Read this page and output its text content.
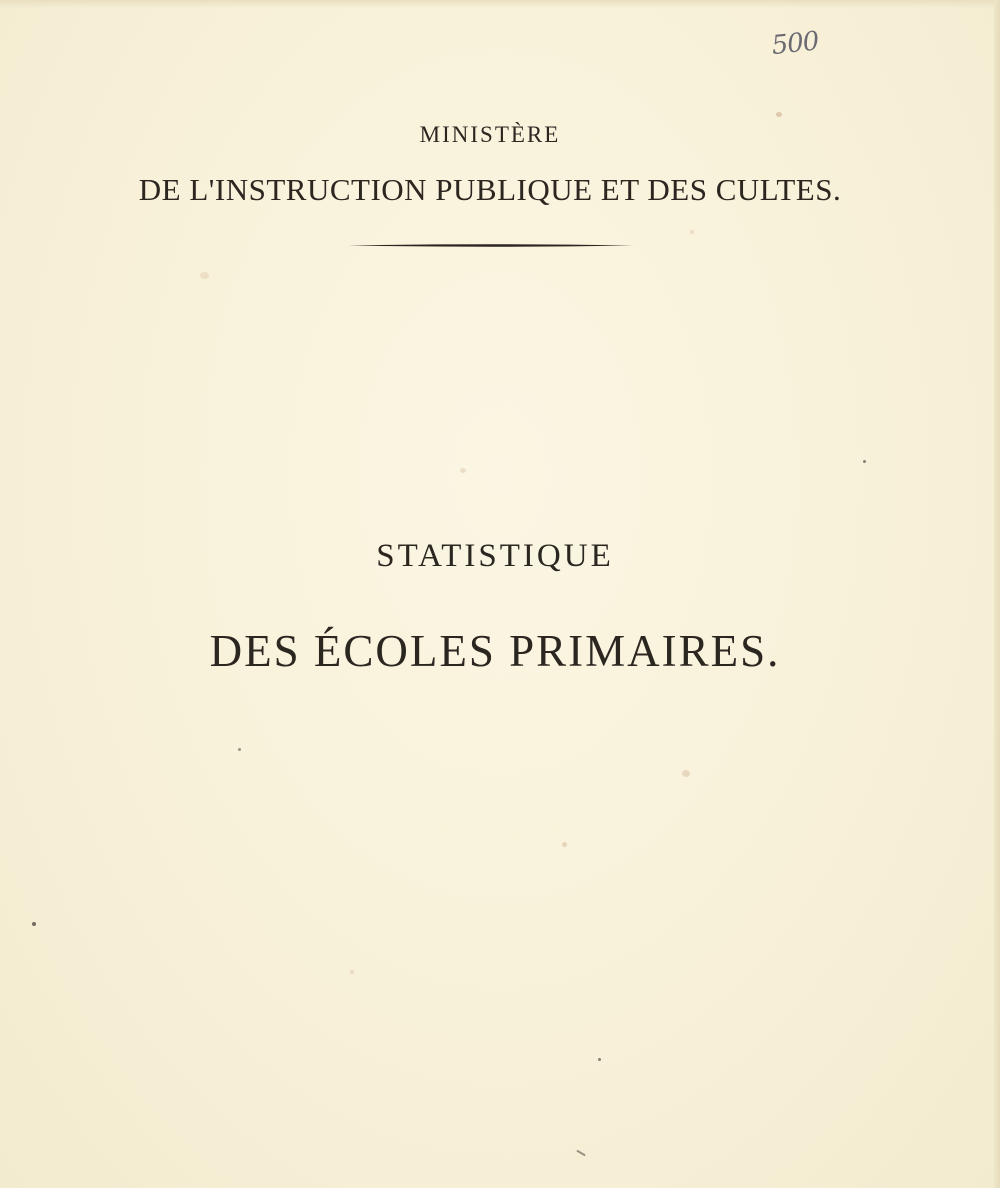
500
MINISTÈRE
DE L'INSTRUCTION PUBLIQUE ET DES CULTES.
STATISTIQUE
DES ÉCOLES PRIMAIRES.
